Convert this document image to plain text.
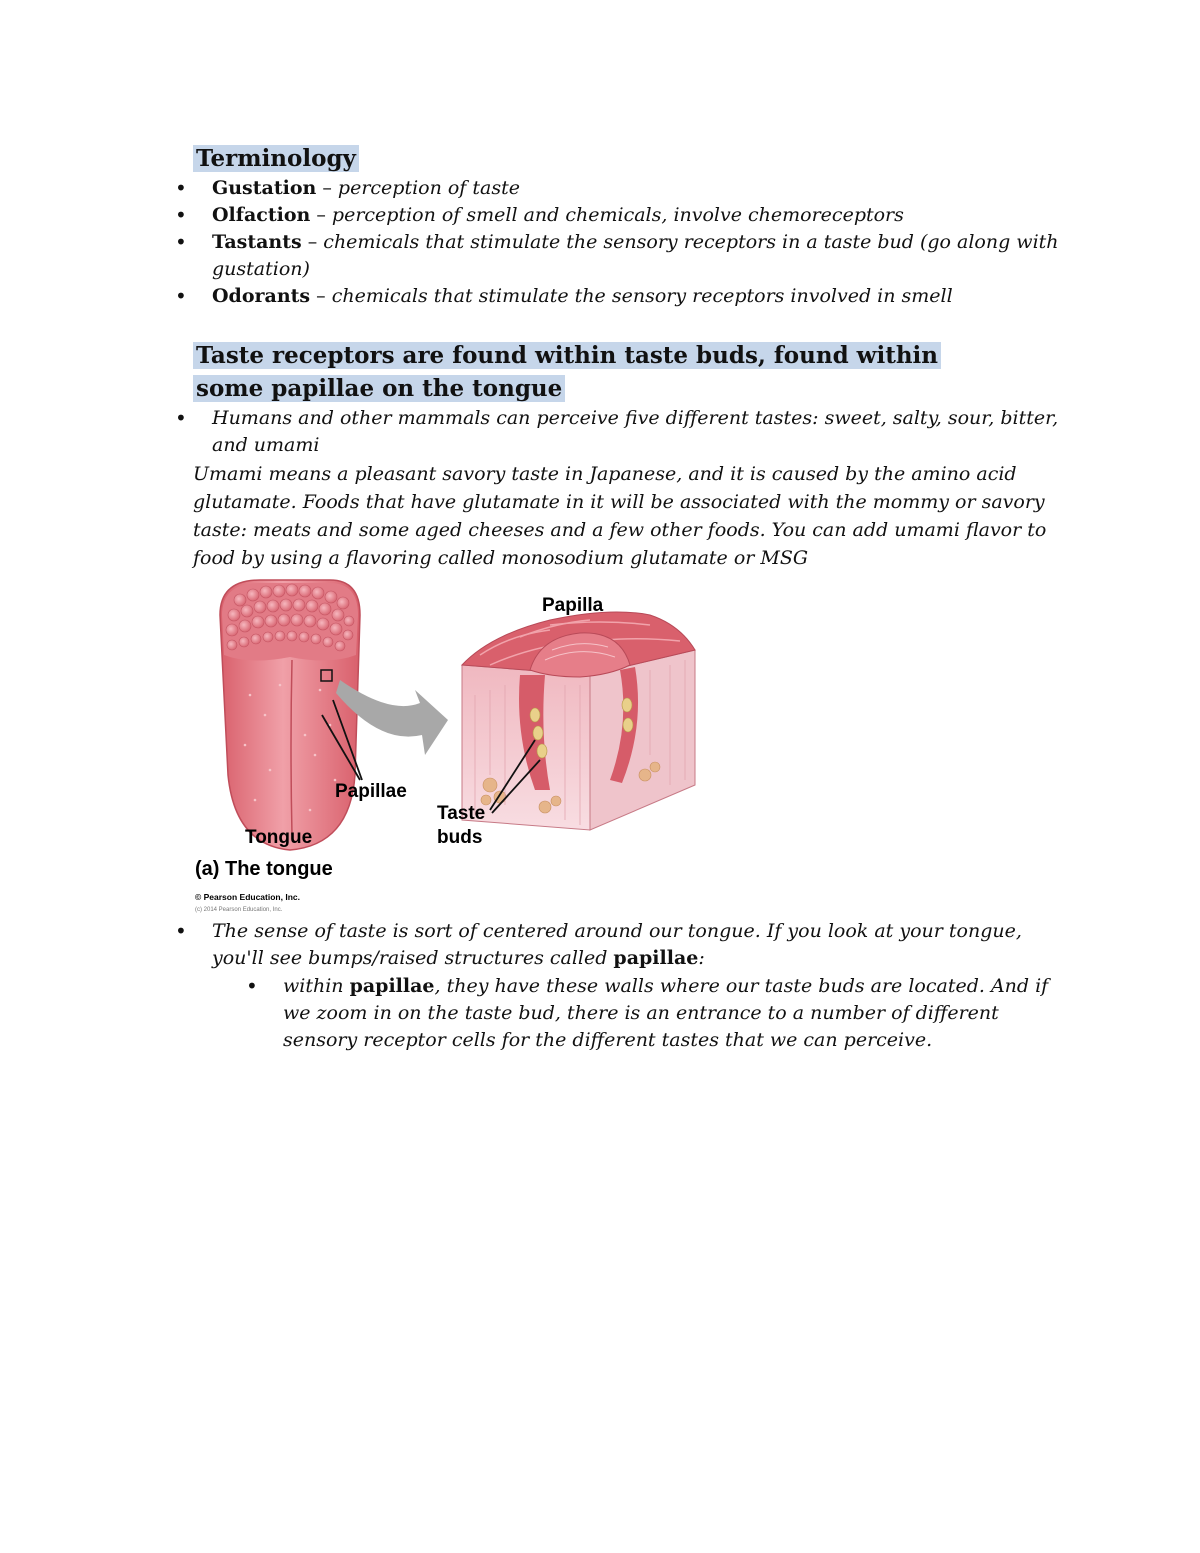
Terminology
• Gustation – perception of taste
• Olfaction – perception of smell and chemicals, involve chemoreceptors
• Tastants – chemicals that stimulate the sensory receptors in a taste bud (go along with gustation)
• Odorants – chemicals that stimulate the sensory receptors involved in smell
Taste receptors are found within taste buds, found within some papillae on the tongue
• Humans and other mammals can perceive five different tastes: sweet, salty, sour, bitter, and umami
Umami means a pleasant savory taste in Japanese, and it is caused by the amino acid glutamate. Foods that have glutamate in it will be associated with the mommy or savory taste: meats and some aged cheeses and a few other foods. You can add umami flavor to food by using a flavoring called monosodium glutamate or MSG
Papilla
Papillae
Taste
buds
Tongue
(a) The tongue
© Pearson Education, Inc.
(c) 2014 Pearson Education, Inc.
• The sense of taste is sort of centered around our tongue. If you look at your tongue, you'll see bumps/raised structures called papillae:
• within papillae, they have these walls where our taste buds are located. And if we zoom in on the taste bud, there is an entrance to a number of different sensory receptor cells for the different tastes that we can perceive.
